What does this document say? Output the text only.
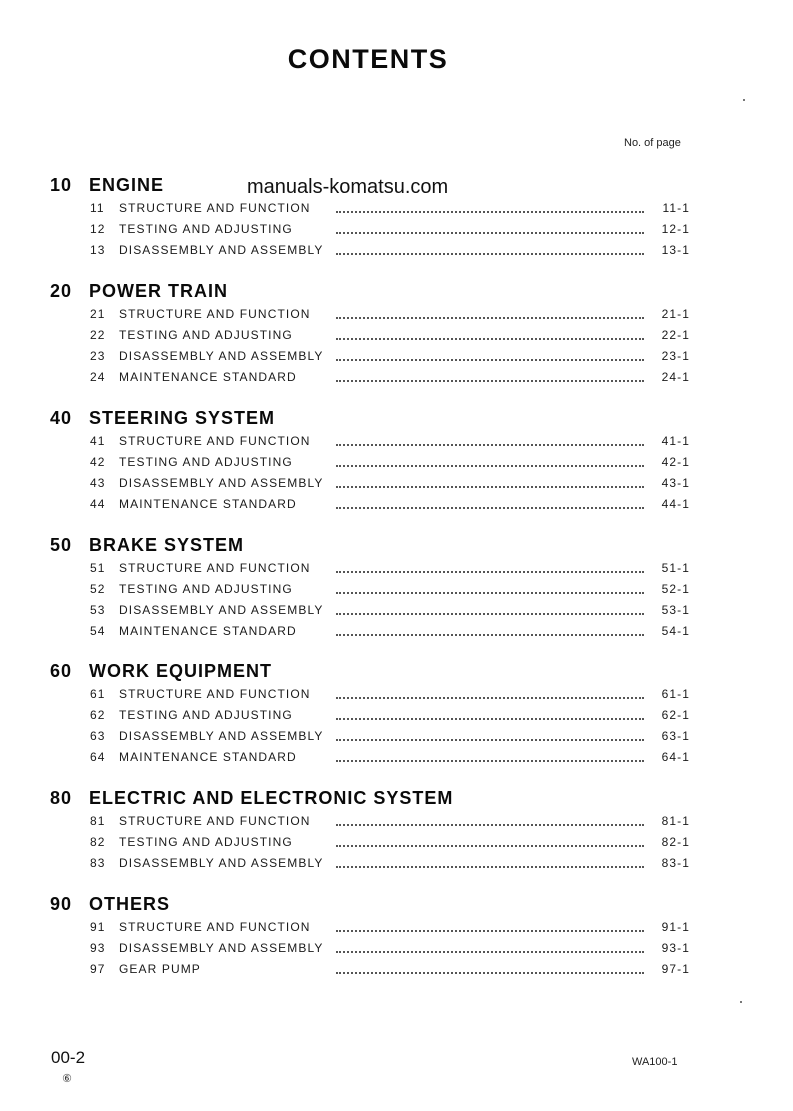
CONTENTS
No. of page
manuals-komatsu.com
10 ENGINE
11 STRUCTURE AND FUNCTION	11-1
12 TESTING AND ADJUSTING	12-1
13 DISASSEMBLY AND ASSEMBLY	13-1
20 POWER TRAIN
21 STRUCTURE AND FUNCTION	21-1
22 TESTING AND ADJUSTING	22-1
23 DISASSEMBLY AND ASSEMBLY	23-1
24 MAINTENANCE STANDARD	24-1
40 STEERING SYSTEM
41 STRUCTURE AND FUNCTION	41-1
42 TESTING AND ADJUSTING	42-1
43 DISASSEMBLY AND ASSEMBLY	43-1
44 MAINTENANCE STANDARD	44-1
50 BRAKE SYSTEM
51 STRUCTURE AND FUNCTION	51-1
52 TESTING AND ADJUSTING	52-1
53 DISASSEMBLY AND ASSEMBLY	53-1
54 MAINTENANCE STANDARD	54-1
60 WORK EQUIPMENT
61 STRUCTURE AND FUNCTION	61-1
62 TESTING AND ADJUSTING	62-1
63 DISASSEMBLY AND ASSEMBLY	63-1
64 MAINTENANCE STANDARD	64-1
80 ELECTRIC AND ELECTRONIC SYSTEM
81 STRUCTURE AND FUNCTION	81-1
82 TESTING AND ADJUSTING	82-1
83 DISASSEMBLY AND ASSEMBLY	83-1
90 OTHERS
91 STRUCTURE AND FUNCTION	91-1
93 DISASSEMBLY AND ASSEMBLY	93-1
97 GEAR PUMP	97-1
00-2
⑥
WA100-1
